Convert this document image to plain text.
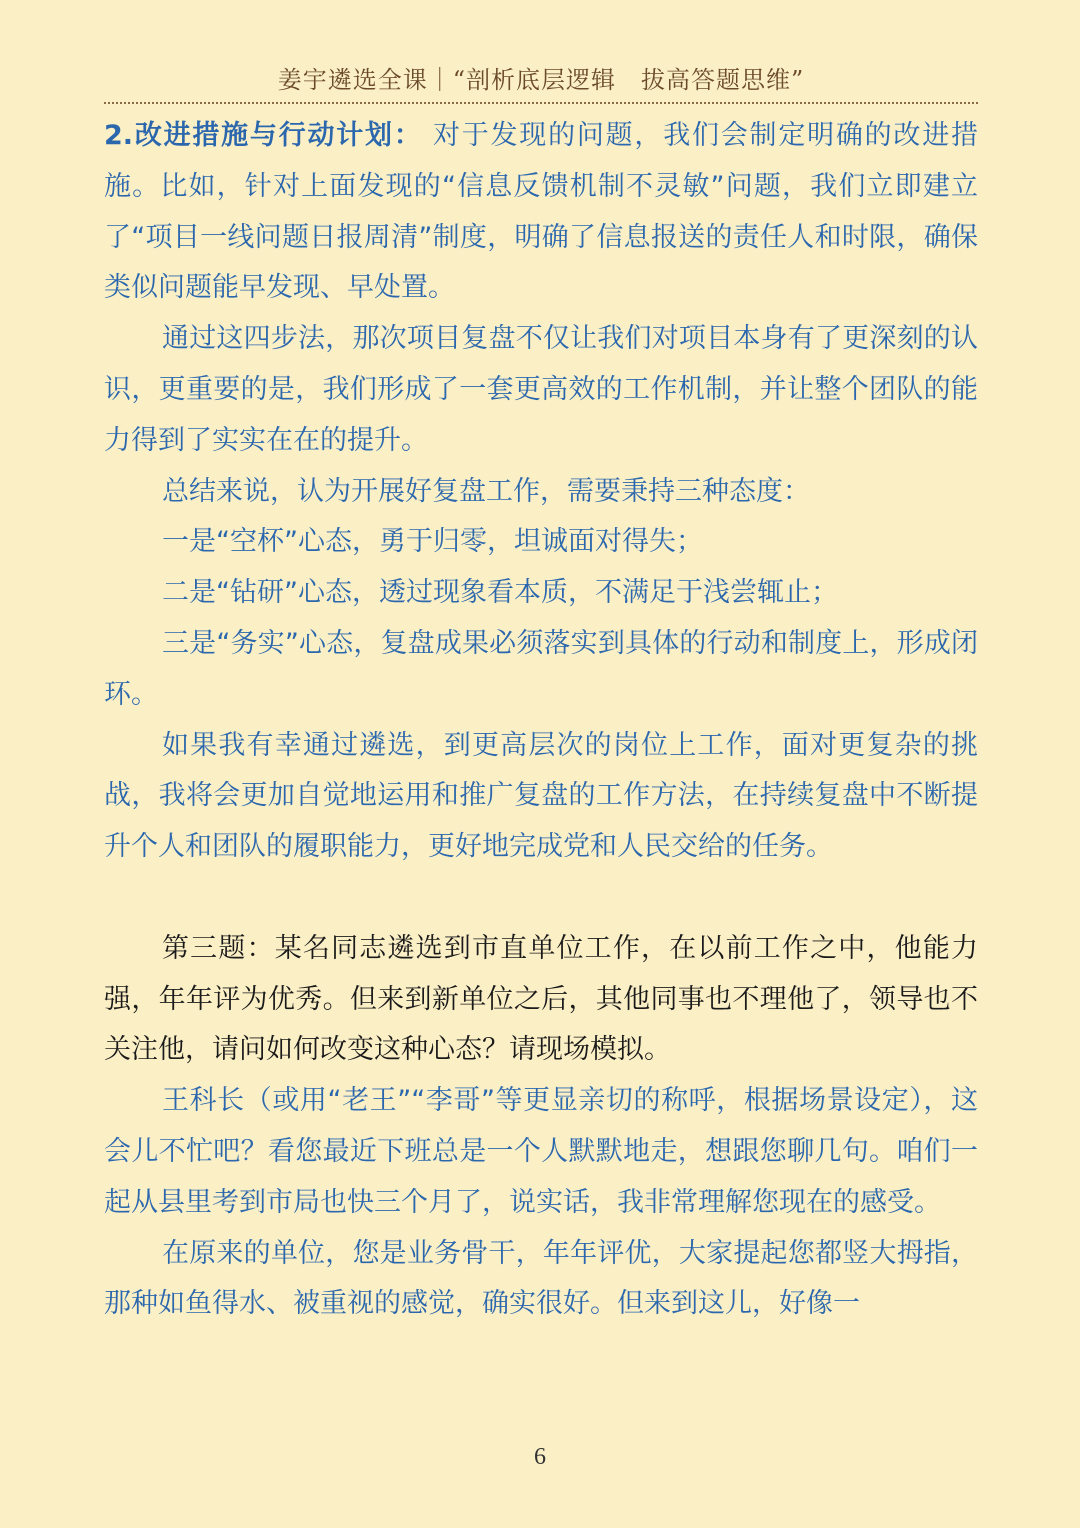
姜宇遴选全课｜“剖析底层逻辑　拔高答题思维”

2.改进措施与行动计划： 对于发现的问题，我们会制定明确的改进措施。比如，针对上面发现的“信息反馈机制不灵敏”问题，我们立即建立了“项目一线问题日报周清”制度，明确了信息报送的责任人和时限，确保类似问题能早发现、早处置。

通过这四步法，那次项目复盘不仅让我们对项目本身有了更深刻的认识，更重要的是，我们形成了一套更高效的工作机制，并让整个团队的能力得到了实实在在的提升。

总结来说，认为开展好复盘工作，需要秉持三种态度：

一是“空杯”心态，勇于归零，坦诚面对得失；

二是“钻研”心态，透过现象看本质，不满足于浅尝辄止；

三是“务实”心态，复盘成果必须落实到具体的行动和制度上，形成闭环。

如果我有幸通过遴选，到更高层次的岗位上工作，面对更复杂的挑战，我将会更加自觉地运用和推广复盘的工作方法，在持续复盘中不断提升个人和团队的履职能力，更好地完成党和人民交给的任务。

第三题：某名同志遴选到市直单位工作，在以前工作之中，他能力强，年年评为优秀。但来到新单位之后，其他同事也不理他了，领导也不关注他，请问如何改变这种心态？请现场模拟。

王科长（或用“老王”“李哥”等更显亲切的称呼，根据场景设定），这会儿不忙吧？看您最近下班总是一个人默默地走，想跟您聊几句。咱们一起从县里考到市局也快三个月了，说实话，我非常理解您现在的感受。

在原来的单位，您是业务骨干，年年评优，大家提起您都竖大拇指，那种如鱼得水、被重视的感觉，确实很好。但来到这儿，好像一

6
